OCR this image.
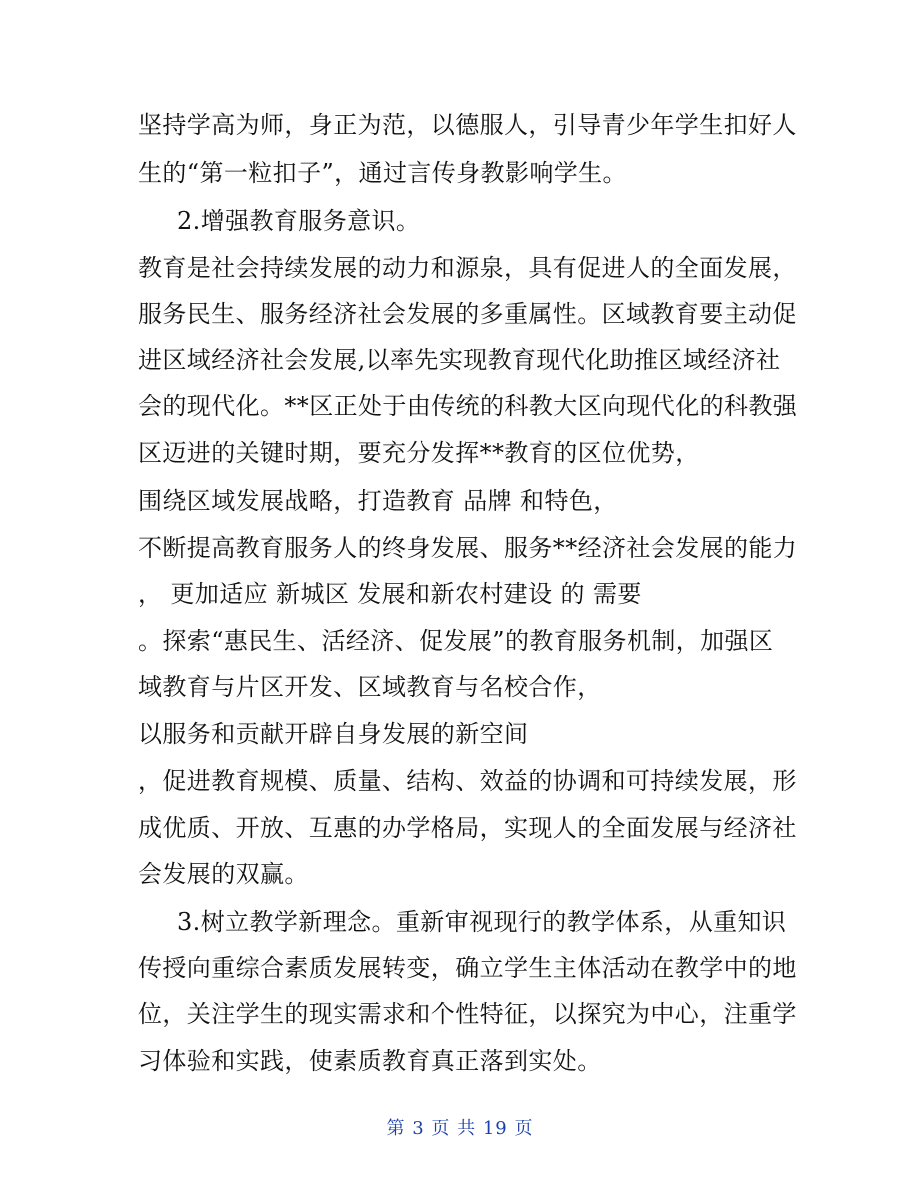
坚持学高为师，身正为范，以德服人，引导青少年学生扣好人
生的“第一粒扣子”，通过言传身教影响学生。
2.增强教育服务意识。
教育是社会持续发展的动力和源泉，具有促进人的全面发展，
服务民生、服务经济社会发展的多重属性。区域教育要主动促
进区域经济社会发展,以率先实现教育现代化助推区域经济社
会的现代化。**区正处于由传统的科教大区向现代化的科教强
区迈进的关键时期，要充分发挥**教育的区位优势，
围绕区域发展战略，打造教育 品牌 和特色，
不断提高教育服务人的终身发展、服务**经济社会发展的能力
， 更加适应 新城区 发展和新农村建设 的 需要
。探索“惠民生、活经济、促发展”的教育服务机制，加强区
域教育与片区开发、区域教育与名校合作，
以服务和贡献开辟自身发展的新空间
，促进教育规模、质量、结构、效益的协调和可持续发展，形
成优质、开放、互惠的办学格局，实现人的全面发展与经济社
会发展的双赢。
3.树立教学新理念。重新审视现行的教学体系，从重知识
传授向重综合素质发展转变，确立学生主体活动在教学中的地
位，关注学生的现实需求和个性特征，以探究为中心，注重学
习体验和实践，使素质教育真正落到实处。
第 3 页 共 19 页
